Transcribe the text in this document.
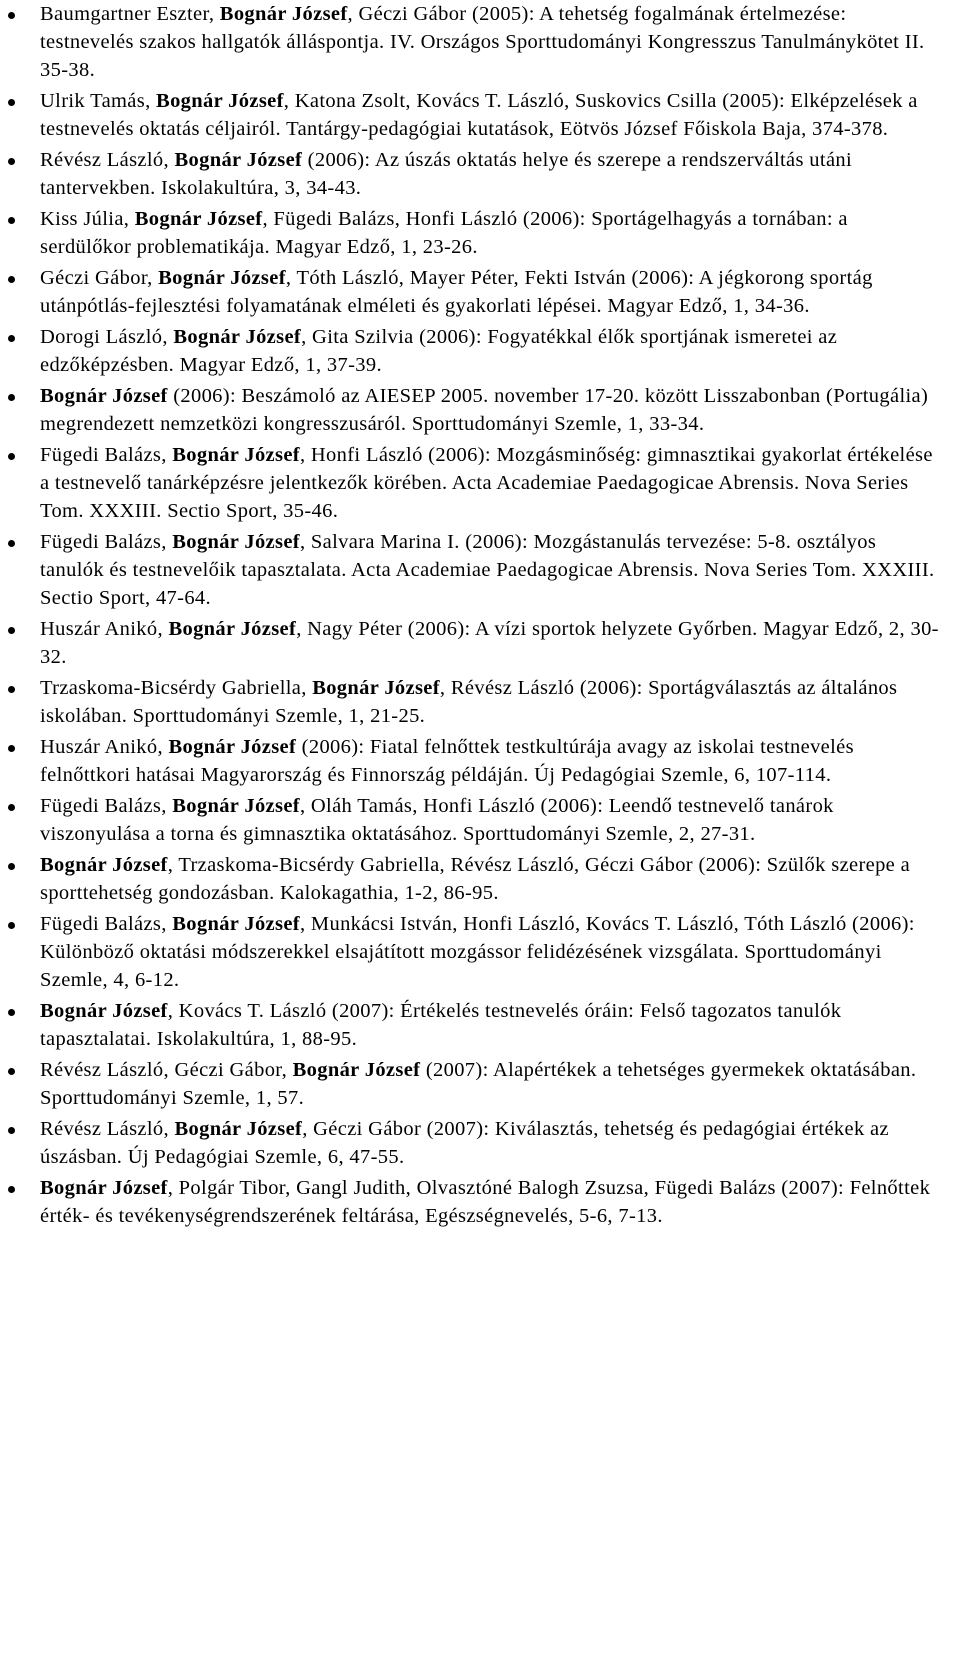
Baumgartner Eszter, Bognár József, Géczi Gábor (2005): A tehetség fogalmának értelmezése: testnevelés szakos hallgatók álláspontja. IV. Országos Sporttudományi Kongresszus Tanulmánykötet II. 35-38.
Ulrik Tamás, Bognár József, Katona Zsolt, Kovács T. László, Suskovics Csilla (2005): Elképzelések a testnevelés oktatás céljairól. Tantárgy-pedagógiai kutatások, Eötvös József Főiskola Baja, 374-378.
Révész László, Bognár József (2006): Az úszás oktatás helye és szerepe a rendszerváltás utáni tantervekben. Iskolakultúra, 3, 34-43.
Kiss Júlia, Bognár József, Fügedi Balázs, Honfi László (2006): Sportágelhagyás a tornában: a serdülőkor problematikája. Magyar Edző, 1, 23-26.
Géczi Gábor, Bognár József, Tóth László, Mayer Péter, Fekti István (2006): A jégkorong sportág utánpótlás-fejlesztési folyamatának elméleti és gyakorlati lépései. Magyar Edző, 1, 34-36.
Dorogi László, Bognár József, Gita Szilvia (2006): Fogyatékkal élők sportjának ismeretei az edzőképzésben. Magyar Edző, 1, 37-39.
Bognár József (2006): Beszámoló az AIESEP 2005. november 17-20. között Lisszabonban (Portugália) megrendezett nemzetközi kongresszusáról. Sporttudományi Szemle, 1, 33-34.
Fügedi Balázs, Bognár József, Honfi László (2006): Mozgásminőség: gimnasztikai gyakorlat értékelése a testnevelő tanárképzésre jelentkezők körében. Acta Academiae Paedagogicae Abrensis. Nova Series Tom. XXXIII. Sectio Sport, 35-46.
Fügedi Balázs, Bognár József, Salvara Marina I. (2006): Mozgástanulás tervezése: 5-8. osztályos tanulók és testnevelőik tapasztalata. Acta Academiae Paedagogicae Abrensis. Nova Series Tom. XXXIII. Sectio Sport, 47-64.
Huszár Anikó, Bognár József, Nagy Péter (2006): A vízi sportok helyzete Győrben. Magyar Edző, 2, 30-32.
Trzaskoma-Bicsérdy Gabriella, Bognár József, Révész László (2006): Sportágválasztás az általános iskolában. Sporttudományi Szemle, 1, 21-25.
Huszár Anikó, Bognár József (2006): Fiatal felnőttek testkultúrája avagy az iskolai testnevelés felnőttkori hatásai Magyarország és Finnország példáján. Új Pedagógiai Szemle, 6, 107-114.
Fügedi Balázs, Bognár József, Oláh Tamás, Honfi László (2006): Leendő testnevelő tanárok viszonyulása a torna és gimnasztika oktatásához. Sporttudományi Szemle, 2, 27-31.
Bognár József, Trzaskoma-Bicsérdy Gabriella, Révész László, Géczi Gábor (2006): Szülők szerepe a sporttehetség gondozásban. Kalokagathia, 1-2, 86-95.
Fügedi Balázs, Bognár József, Munkácsi István, Honfi László, Kovács T. László, Tóth László (2006): Különböző oktatási módszerekkel elsajátított mozgássor felidézésének vizsgálata. Sporttudományi Szemle, 4, 6-12.
Bognár József, Kovács T. László (2007): Értékelés testnevelés óráin: Felső tagozatos tanulók tapasztalatai. Iskolakultúra, 1, 88-95.
Révész László, Géczi Gábor, Bognár József (2007): Alapértékek a tehetséges gyermekek oktatásában. Sporttudományi Szemle, 1, 57.
Révész László, Bognár József, Géczi Gábor (2007): Kiválasztás, tehetség és pedagógiai értékek az úszásban. Új Pedagógiai Szemle, 6, 47-55.
Bognár József, Polgár Tibor, Gangl Judith, Olvasztóné Balogh Zsuzsa, Fügedi Balázs (2007): Felnőttek érték- és tevékenységrendszerének feltárása, Egészségnevelés, 5-6, 7-13.
